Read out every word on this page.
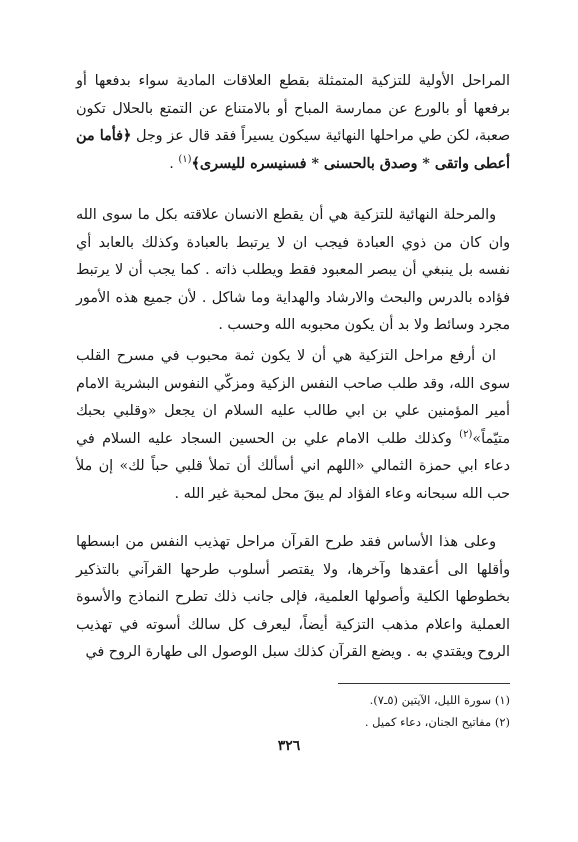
المراحل الأولية للتزكية المتمثلة بقطع العلاقات المادية سواء بدفعها أو برفعها أو بالورع عن ممارسة المباح أو بالامتناع عن التمتع بالحلال تكون صعبة، لكن طي مراحلها النهائية سيكون يسيراً فقد قال عز وجل ﴿فأما من أعطى واتقى * وصدق بالحسنى * فسنيسره لليسرى﴾$^{(١)}$ .

والمرحلة النهائية للتزكية هي أن يقطع الانسان علاقته بكل ما سوى الله وان كان من ذوي العبادة فيجب ان لا يرتبط بالعبادة وكذلك بالعابد أي نفسه بل ينبغي أن يبصر المعبود فقط ويطلب ذاته . كما يجب أن لا يرتبط فؤاده بالدرس والبحث والارشاد والهداية وما شاكل . لأن جميع هذه الأمور مجرد وسائط ولا بد أن يكون محبوبه الله وحسب .

ان أرفع مراحل التزكية هي أن لا يكون ثمة محبوب في مسرح القلب سوى الله، وقد طلب صاحب النفس الزكية ومزكّي النفوس البشرية الامام أمير المؤمنين علي بن ابي طالب عليه السلام ان يجعل «وقلبي بحبك متيّماً»$^{(٢)}$ وكذلك طلب الامام علي بن الحسين السجاد عليه السلام في دعاء ابي حمزة الثمالي «اللهم اني أسألك أن تملأ قلبي حباً لك» إن ملأ حب الله سبحانه وعاء الفؤاد لم يبقَ محل لمحبة غير الله .

وعلى هذا الأساس فقد طرح القرآن مراحل تهذيب النفس من ابسطها وأقلها الى أعقدها وآخرها، ولا يقتصر أسلوب طرحها القرآني بالتذكير بخطوطها الكلية وأصولها العلمية، فإلى جانب ذلك تطرح النماذج والأسوة العملية واعلام مذهب التزكية أيضاً، ليعرف كل سالك أسوته في تهذيب الروح ويقتدي به . ويضع القرآن كذلك سبل الوصول الى طهارة الروح في

(١) سورة الليل، الآيتين (٥ـ٧).
(٢) مفاتيح الجنان، دعاء كميل .
٣٢٦
